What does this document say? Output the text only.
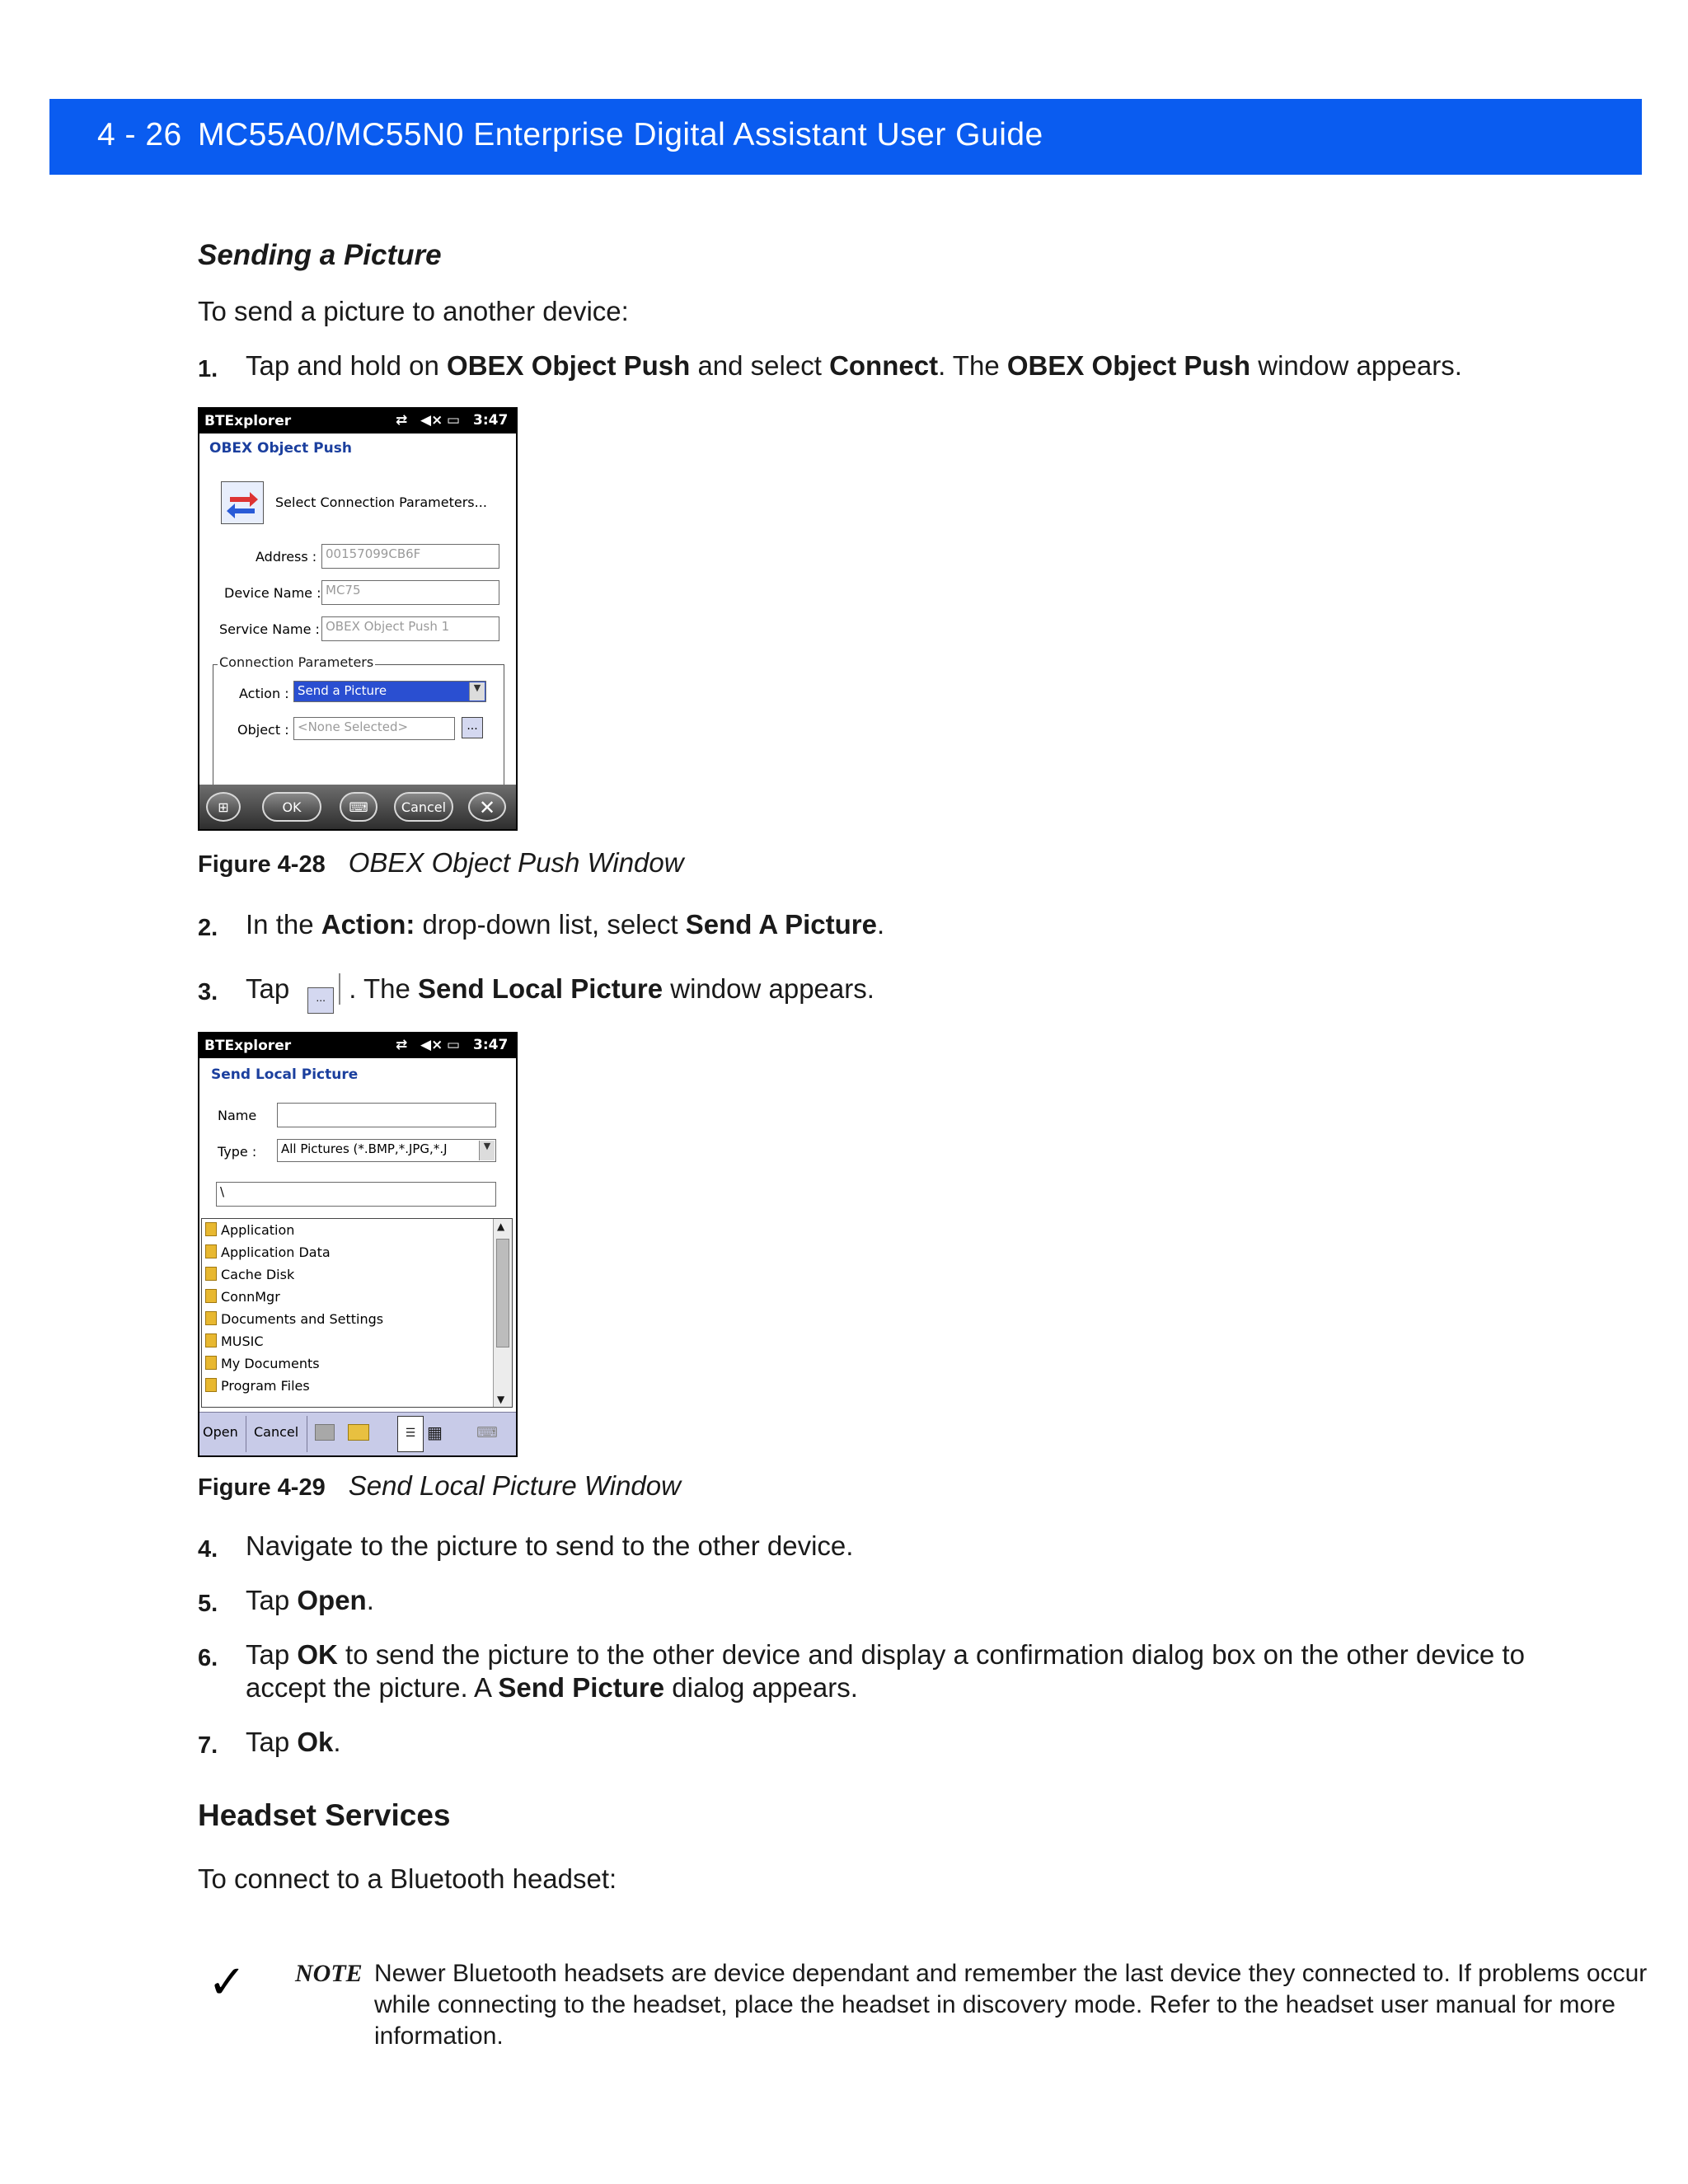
4 - 26 MC55A0/MC55N0 Enterprise Digital Assistant User Guide
Sending a Picture
To send a picture to another device:
1. Tap and hold on OBEX Object Push and select Connect. The OBEX Object Push window appears.
BTExplorer	⇄ ◀× ▭ 3:47
OBEX Object Push
Select Connection Parameters...
Address : 00157099CB6F
Device Name : MC75
Service Name : OBEX Object Push 1
Connection Parameters
Action : Send a Picture	▼
Object : <None Selected>	...
⊞	OK	⌨	Cancel	✕
Figure 4-28 OBEX Object Push Window
2. In the Action: drop-down list, select Send A Picture.
3. Tap ... . The Send Local Picture window appears.
BTExplorer	⇄ ◀× ▭ 3:47
Send Local Picture
Name
Type :	All Pictures (*.BMP,*.JPG,*.J	▼
\
Application
Application Data
Cache Disk
ConnMgr
Documents and Settings
MUSIC
My Documents
Program Files
▲
▼
Open Cancel	☰ ▦ ⌨
Figure 4-29 Send Local Picture Window
4. Navigate to the picture to send to the other device.
5. Tap Open.
6. Tap OK to send the picture to the other device and display a confirmation dialog box on the other device to
accept the picture. A Send Picture dialog appears.
7. Tap Ok.
Headset Services
To connect to a Bluetooth headset:
✓ NOTE Newer Bluetooth headsets are device dependant and remember the last device they connected to. If problems occur while connecting to the headset, place the headset in discovery mode. Refer to the headset user manual for more information.
